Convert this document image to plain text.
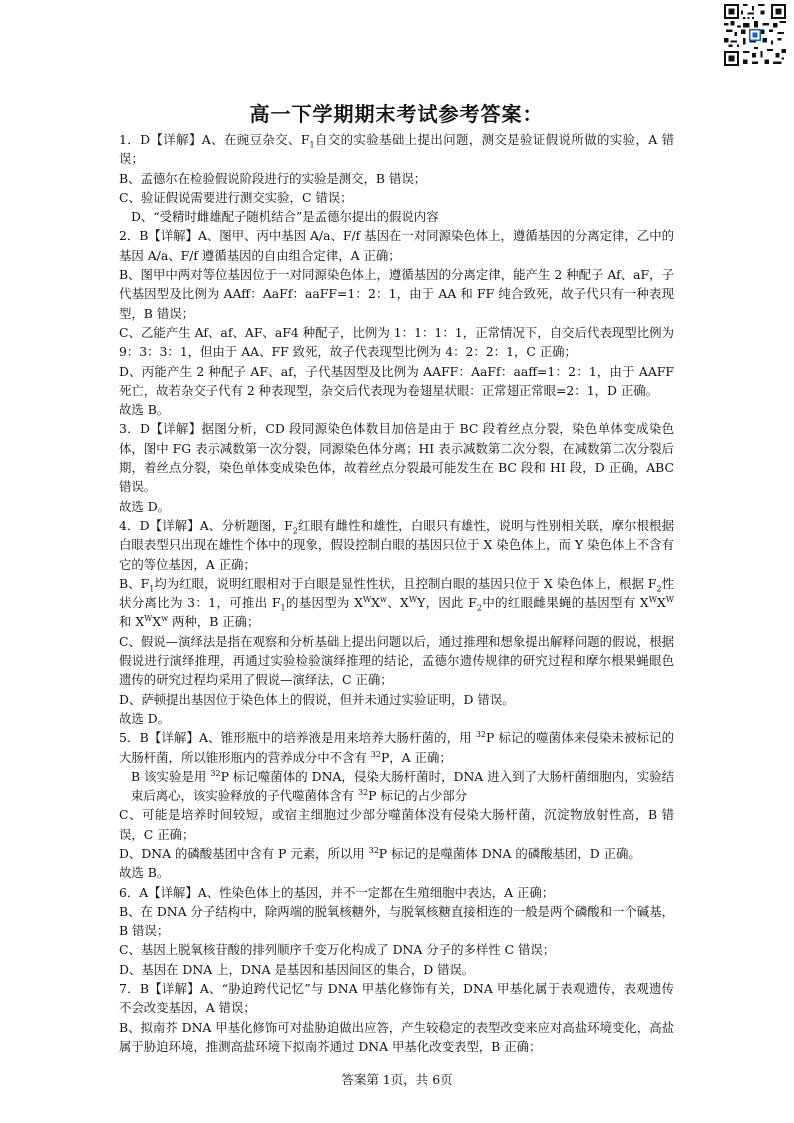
高一下学期期末考试参考答案：

1．D【详解】A、在豌豆杂交、$F_1$自交的实验基础上提出问题，测交是验证假说所做的实验，A 错误；

B、孟德尔在检验假说阶段进行的实验是测交，B 错误；

C、验证假说需要进行测交实验，C 错误；

D、“受精时雌雄配子随机结合”是孟德尔提出的假说内容

2．B【详解】A、图甲、丙中基因 A/a、F/f 基因在一对同源染色体上，遵循基因的分离定律，乙中的基因 A/a、F/f 遵循基因的自由组合定律，A 正确；

B、图甲中两对等位基因位于一对同源染色体上，遵循基因的分离定律，能产生 2 种配子 Af、aF，子代基因型及比例为 AAff：AaFf：aaFF=1：2：1，由于 AA 和 FF 纯合致死，故子代只有一种表现型，B 错误；

C、乙能产生 Af、af、AF、aF4 种配子，比例为 1：1：1：1，正常情况下，自交后代表现型比例为 9：3：3：1，但由于 AA、FF 致死，故子代表现型比例为 4：2：2：1，C 正确；

D、丙能产生 2 种配子 AF、af，子代基因型及比例为 AAFF：AaFf：aaff=1：2：1，由于 AAFF 死亡，故若杂交子代有 2 种表现型，杂交后代表现为卷翅星状眼：正常翅正常眼=2：1，D 正确。

故选 B。

3．D【详解】据图分析，CD 段同源染色体数目加倍是由于 BC 段着丝点分裂，染色单体变成染色体，图中 FG 表示减数第一次分裂，同源染色体分离；HI 表示减数第二次分裂，在减数第二次分裂后期，着丝点分裂，染色单体变成染色体，故着丝点分裂最可能发生在 BC 段和 HI 段，D 正确，ABC 错误。

故选 D。

4．D【详解】A、分析题图，$F_2$红眼有雌性和雄性，白眼只有雄性，说明与性别相关联，摩尔根根据白眼表型只出现在雄性个体中的现象，假设控制白眼的基因只位于 X 染色体上，而 Y 染色体上不含有它的等位基因，A 正确；

B、$F_1$均为红眼，说明红眼相对于白眼是显性性状，且控制白眼的基因只位于 X 染色体上，根据 $F_2$性状分离比为 3：1，可推出 $F_1$的基因型为 $X^WX^w$、$X^WY$，因此 $F_2$中的红眼雌果蝇的基因型有 $X^WX^W$ 和 $X^WX^w$ 两种，B 正确；

C、假说—演绎法是指在观察和分析基础上提出问题以后，通过推理和想象提出解释问题的假说，根据假说进行演绎推理，再通过实验检验演绎推理的结论，孟德尔遗传规律的研究过程和摩尔根果蝇眼色遗传的研究过程均采用了假说—演绎法，C 正确；

D、萨顿提出基因位于染色体上的假说，但并未通过实验证明，D 错误。

故选 D。

5．B【详解】A、锥形瓶中的培养液是用来培养大肠杆菌的，用 $^{32}$P 标记的噬菌体来侵染未被标记的大肠杆菌，所以锥形瓶内的营养成分中不含有 $^{32}$P，A 正确；

B 该实验是用 $^{32}$P 标记噬菌体的 DNA，侵染大肠杆菌时，DNA 进入到了大肠杆菌细胞内，实验结束后离心，该实验释放的子代噬菌体含有 $^{32}$P 标记的占少部分

C、可能是培养时间较短，或宿主细胞过少部分噬菌体没有侵染大肠杆菌，沉淀物放射性高，B 错误，C 正确；

D、DNA 的磷酸基团中含有 P 元素，所以用 $^{32}$P 标记的是噬菌体 DNA 的磷酸基团，D 正确。

故选 B。

6．A【详解】A、性染色体上的基因，并不一定都在生殖细胞中表达，A 正确；

B、在 DNA 分子结构中，除两端的脱氧核糖外，与脱氧核糖直接相连的一般是两个磷酸和一个碱基，B 错误；

C、基因上脱氧核苷酸的排列顺序千变万化构成了 DNA 分子的多样性 C 错误；

D、基因在 DNA 上，DNA 是基因和基因间区的集合，D 错误。

7．B【详解】A、“胁迫跨代记忆”与 DNA 甲基化修饰有关，DNA 甲基化属于表观遗传，表观遗传不会改变基因，A 错误；

B、拟南芥 DNA 甲基化修饰可对盐胁迫做出应答，产生较稳定的表型改变来应对高盐环境变化，高盐属于胁迫环境，推测高盐环境下拟南芥通过 DNA 甲基化改变表型，B 正确；

答案第 1页，共 6页
